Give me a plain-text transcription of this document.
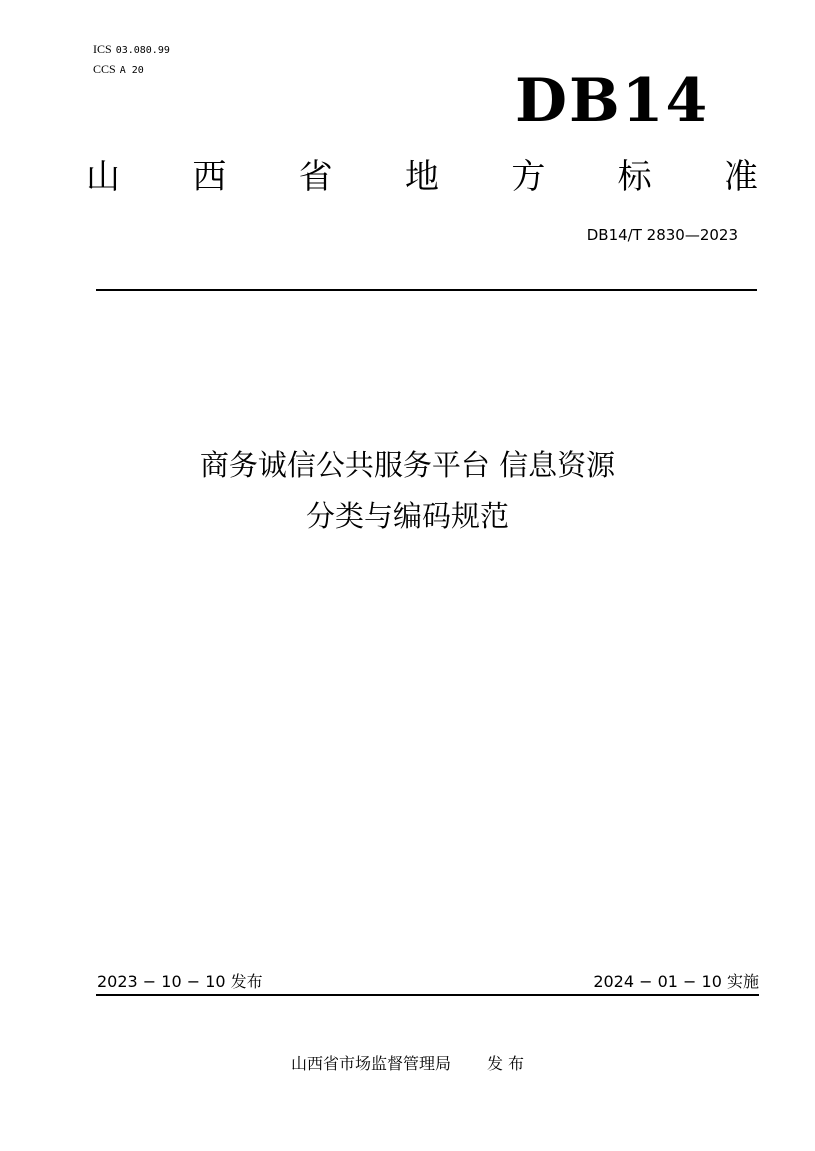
ICS 03.080.99
CCS A 20	DB14
山 西 省 地 方 标 准
DB14/T 2830—2023
商务诚信公共服务平台 信息资源
分类与编码规范
2023 − 10 − 10 发布	2024 − 01 − 10 实施
山西省市场监督管理局 发 布
